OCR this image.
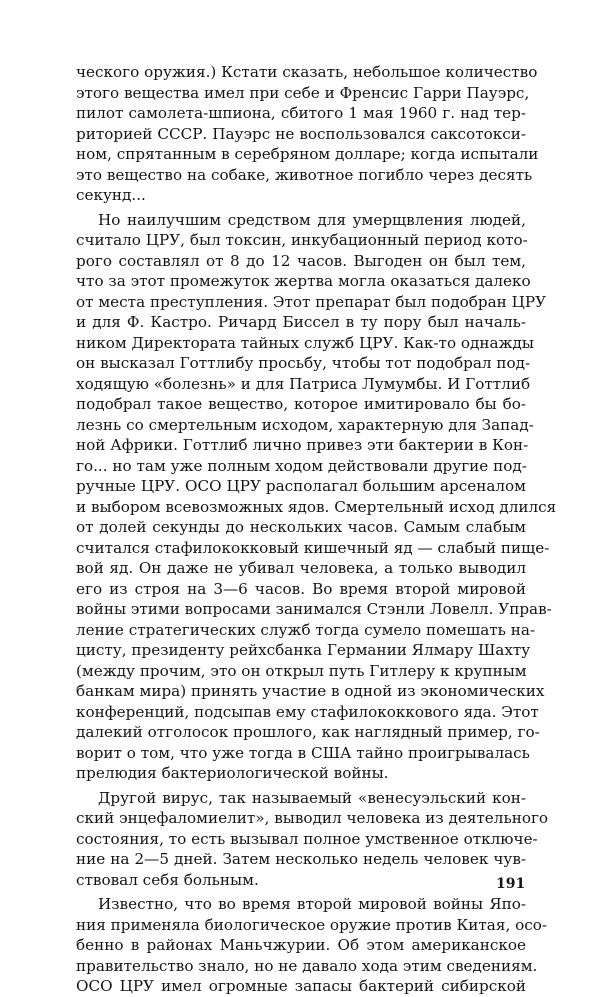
ческого оружия.) Кстати сказать, небольшое количество
этого вещества имел при себе и Френсис Гарри Пауэрс,
пилот самолета-шпиона, сбитого 1 мая 1960 г. над тер-
риторией СССР. Пауэрс не воспользовался саксотокси-
ном, спрятанным в серебряном долларе; когда испытали
это вещество на собаке, животное погибло через десять
секунд...
Но наилучшим средством для умерщвления людей,
считало ЦРУ, был токсин, инкубационный период кото-
рого составлял от 8 до 12 часов. Выгоден он был тем,
что за этот промежуток жертва могла оказаться далеко
от места преступления. Этот препарат был подобран ЦРУ
и для Ф. Кастро. Ричард Биссел в ту пору был началь-
ником Директората тайных служб ЦРУ. Как-то однажды
он высказал Готтлибу просьбу, чтобы тот подобрал под-
ходящую «болезнь» и для Патриса Лумумбы. И Готтлиб
подобрал такое вещество, которое имитировало бы бо-
лезнь со смертельным исходом, характерную для Запад-
ной Африки. Готтлиб лично привез эти бактерии в Кон-
го... но там уже полным ходом действовали другие под-
ручные ЦРУ. ОСО ЦРУ располагал большим арсеналом
и выбором всевозможных ядов. Смертельный исход длился
от долей секунды до нескольких часов. Самым слабым
считался стафилококковый кишечный яд — слабый пище-
вой яд. Он даже не убивал человека, а только выводил
его из строя на 3—6 часов. Во время второй мировой
войны этими вопросами занимался Стэнли Ловелл. Управ-
ление стратегических служб тогда сумело помешать на-
цисту, президенту рейхсбанка Германии Ялмару Шахту
(между прочим, это он открыл путь Гитлеру к крупным
банкам мира) принять участие в одной из экономических
конференций, подсыпав ему стафилококкового яда. Этот
далекий отголосок прошлого, как наглядный пример, го-
ворит о том, что уже тогда в США тайно проигрывалась
прелюдия бактериологической войны.
Другой вирус, так называемый «венесуэльский кон-
ский энцефаломиелит», выводил человека из деятельного
состояния, то есть вызывал полное умственное отключе-
ние на 2—5 дней. Затем несколько недель человек чув-
ствовал себя больным.
Известно, что во время второй мировой войны Япо-
ния применяла биологическое оружие против Китая, осо-
бенно в районах Маньчжурии. Об этом американское
правительство знало, но не давало хода этим сведениям.
ОСО ЦРУ имел огромные запасы бактерий сибирской
191
